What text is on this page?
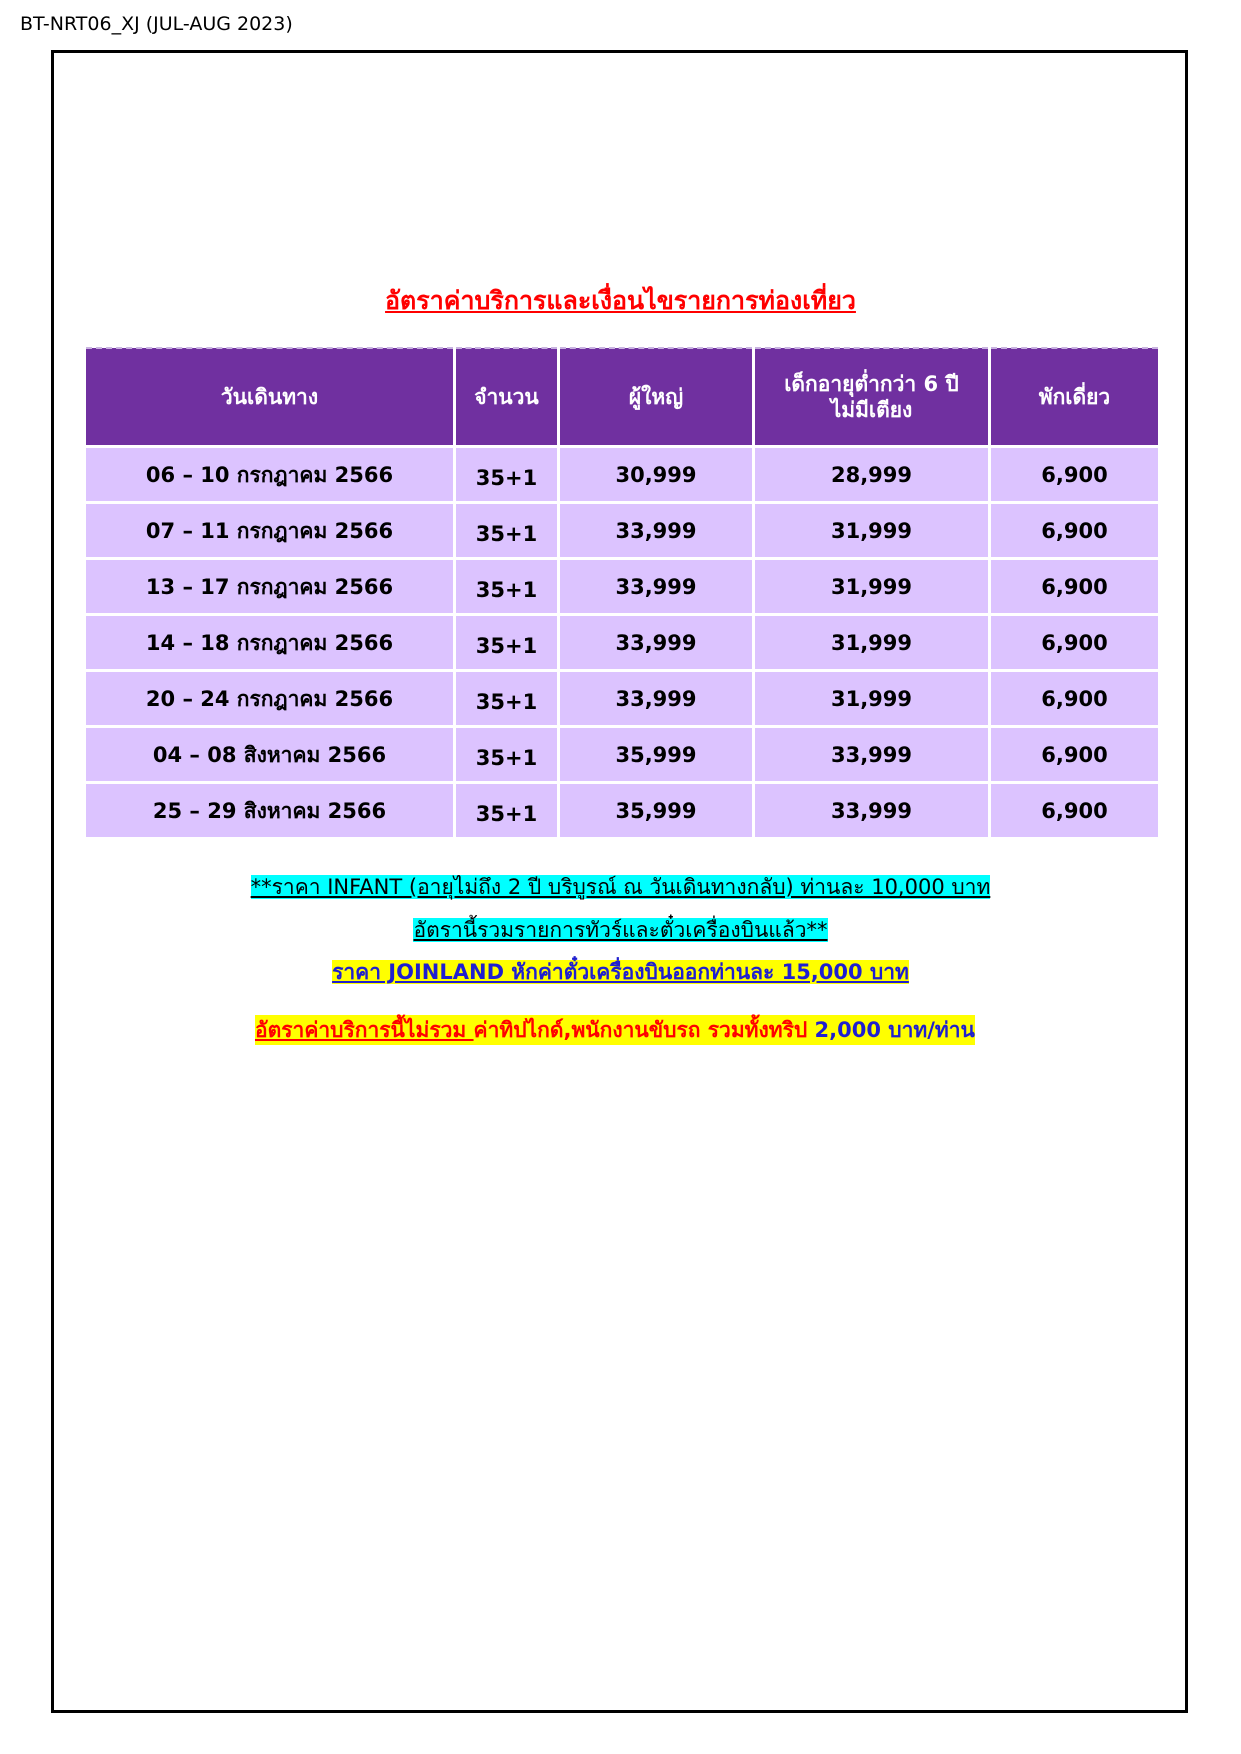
BT-NRT06_XJ (JUL-AUG 2023)
อัตราค่าบริการและเงื่อนไขรายการท่องเที่ยว
วันเดินทาง	จำนวน	ผู้ใหญ่	เด็กอายุต่ำกว่า 6 ปี
ไม่มีเตียง	พักเดี่ยว
06 – 10 กรกฎาคม 2566	35+1	30,999	28,999	6,900
07 – 11 กรกฎาคม 2566	35+1	33,999	31,999	6,900
13 – 17 กรกฎาคม 2566	35+1	33,999	31,999	6,900
14 – 18 กรกฎาคม 2566	35+1	33,999	31,999	6,900
20 – 24 กรกฎาคม 2566	35+1	33,999	31,999	6,900
04 – 08 สิงหาคม 2566	35+1	35,999	33,999	6,900
25 – 29 สิงหาคม 2566	35+1	35,999	33,999	6,900
**ราคา INFANT (อายุไม่ถึง 2 ปี บริบูรณ์ ณ วันเดินทางกลับ) ท่านละ 10,000 บาท
อัตรานี้รวมรายการทัวร์และตั๋วเครื่องบินแล้ว**
ราคา JOINLAND หักค่าตั๋วเครื่องบินออกท่านละ 15,000 บาท
อัตราค่าบริการนี้ไม่รวม ค่าทิปไกด์,พนักงานขับรถ รวมทั้งทริป 2,000 บาท/ท่าน
